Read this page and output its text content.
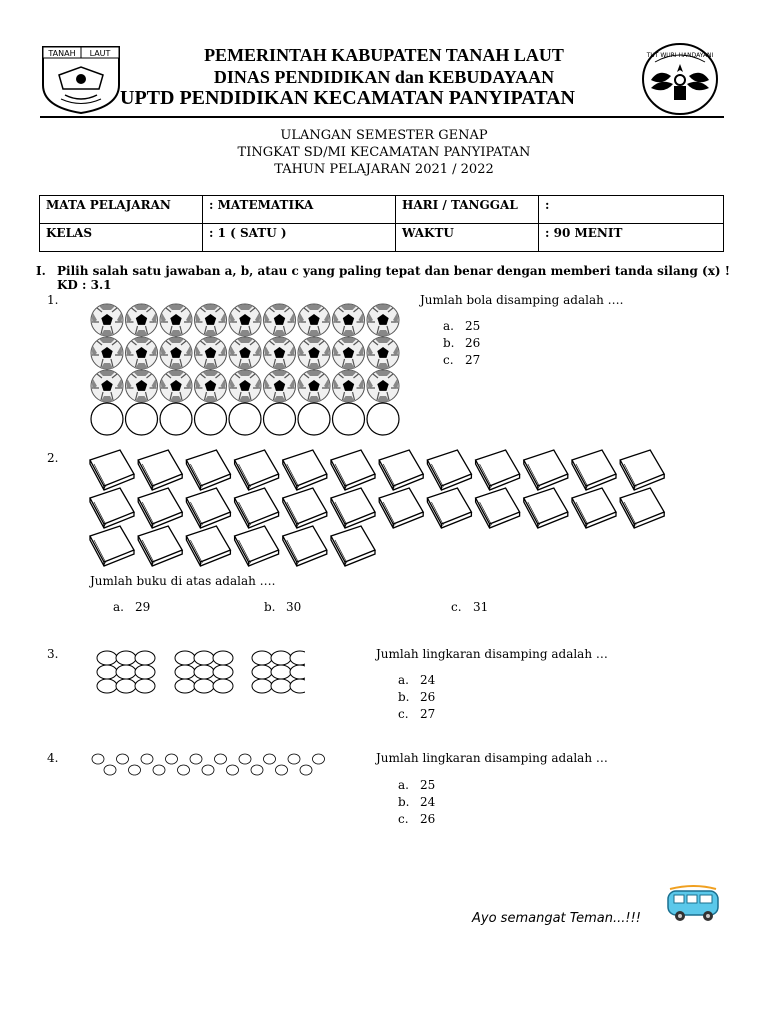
TANAH LAUT	PEMERINTAH KABUPATEN TANAH LAUT
DINAS PENDIDIKAN dan KEBUDAYAAN
UPTD PENDIDIKAN KECAMATAN PANYIPATAN
TUT WURI HANDAYANI
ULANGAN SEMESTER GENAP
TINGKAT SD/MI KECAMATAN PANYIPATAN
TAHUN PELAJARAN 2021 / 2022
MATA PELAJARAN	: MATEMATIKA	HARI / TANGGAL	:
KELAS	: 1 ( SATU )	WAKTU	: 90 MENIT
I. Pilih salah satu jawaban a, b, atau c yang paling tepat dan benar dengan memberi tanda silang (x) !
KD : 3.1
1.	Jumlah bola disamping adalah ….
a. 25
b. 26
c. 27
2.
Jumlah buku di atas adalah ….
a. 29	b. 30	c. 31
3.	Jumlah lingkaran disamping adalah …
a. 24
b. 26
c. 27
4.	Jumlah lingkaran disamping adalah …
a. 25
b. 24
c. 26
Ayo semangat Teman...!!!
